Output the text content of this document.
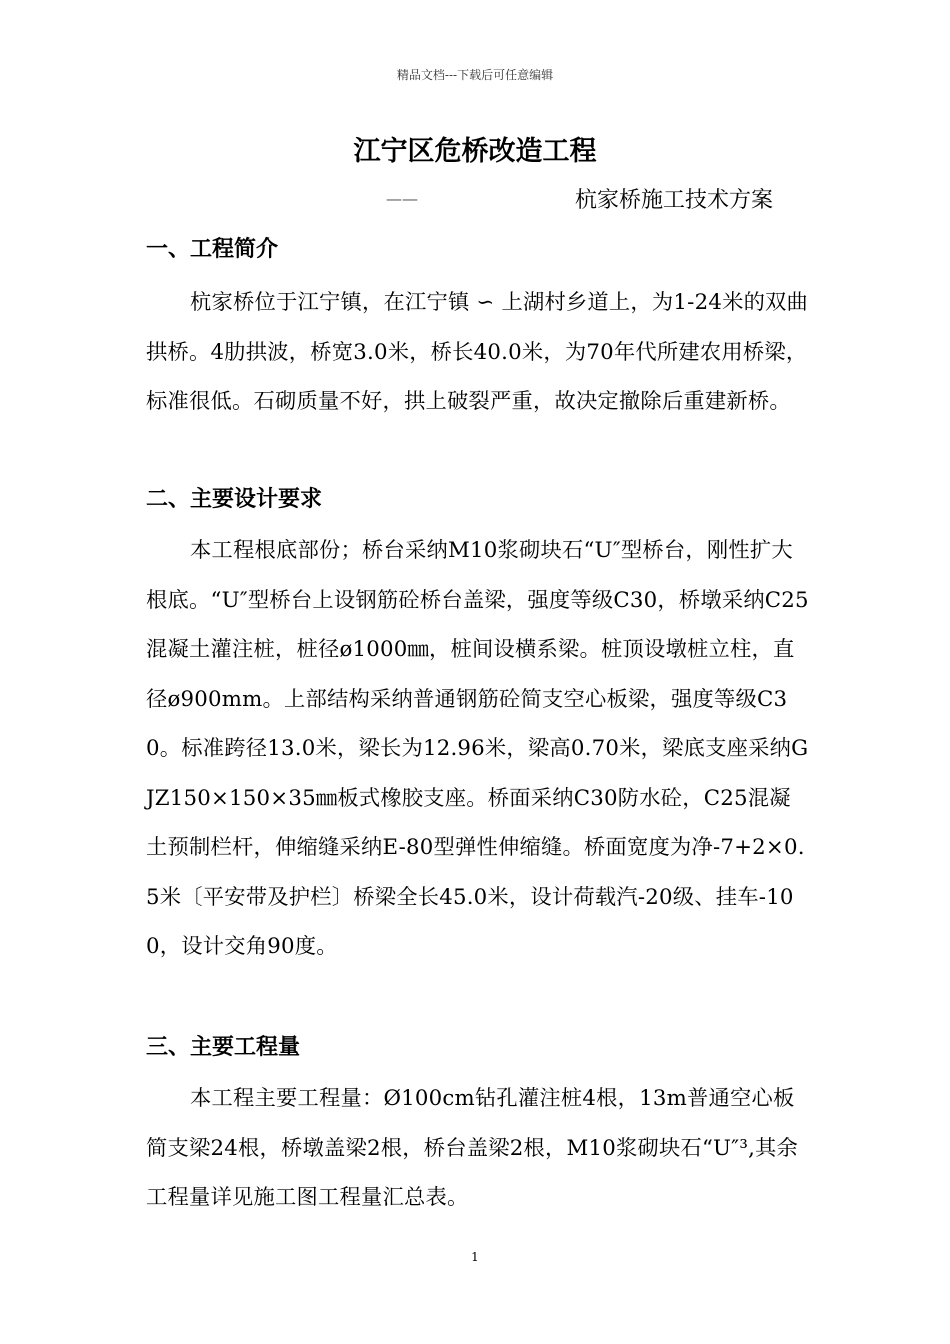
精品文档---下载后可任意编辑
江宁区危桥改造工程
——	杭家桥施工技术方案
一、工程简介

杭家桥位于江宁镇，在江宁镇 ∽ 上湖村乡道上，为1-24米的双曲拱桥。4肋拱波，桥宽3.0米，桥长40.0米，为70年代所建农用桥梁，标准很低。石砌质量不好，拱上破裂严重，故决定撤除后重建新桥。

二、主要设计要求

本工程根底部份；桥台采纳M10浆砌块石“U″型桥台，刚性扩大根底。“U″型桥台上设钢筋砼桥台盖梁，强度等级C30，桥墩采纳C25混凝土灌注桩，桩径ø1000㎜，桩间设横系梁。桩顶设墩桩立柱，直径ø900mm。上部结构采纳普通钢筋砼简支空心板梁，强度等级C30。标准跨径13.0米，梁长为12.96米，梁高0.70米，梁底支座采纳GJZ150×150×35㎜板式橡胶支座。桥面采纳C30防水砼，C25混凝土预制栏杆，伸缩缝采纳E-80型弹性伸缩缝。桥面宽度为净-7+2×0.5米〔平安带及护栏〕桥梁全长45.0米，设计荷载汽-20级、挂车-100，设计交角90度。

三、主要工程量

本工程主要工程量：Ø100cm钻孔灌注桩4根，13m普通空心板简支梁24根，桥墩盖梁2根，桥台盖梁2根，M10浆砌块石“U″³,其余工程量详见施工图工程量汇总表。

1
